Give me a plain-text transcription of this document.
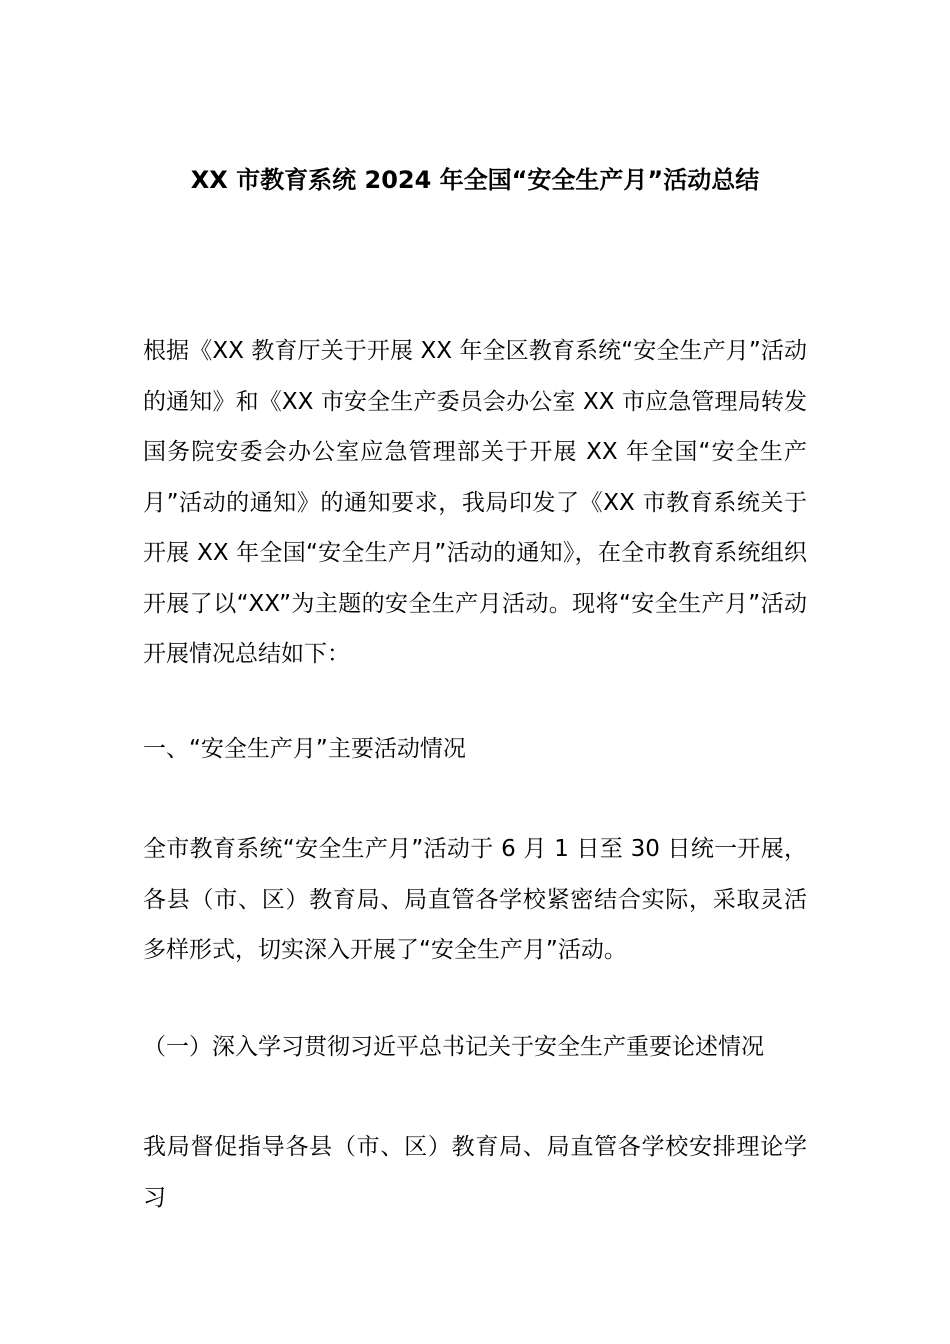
XX 市教育系统 2024 年全国“安全生产月”活动总结

根据《XX 教育厅关于开展 XX 年全区教育系统“安全生产月”活动的通知》和《XX 市安全生产委员会办公室 XX 市应急管理局转发国务院安委会办公室应急管理部关于开展 XX 年全国“安全生产月”活动的通知》的通知要求，我局印发了《XX 市教育系统关于开展 XX 年全国“安全生产月”活动的通知》，在全市教育系统组织开展了以“XX”为主题的安全生产月活动。现将“安全生产月”活动开展情况总结如下：

一、“安全生产月”主要活动情况

全市教育系统“安全生产月”活动于 6 月 1 日至 30 日统一开展，各县（市、区）教育局、局直管各学校紧密结合实际，采取灵活多样形式，切实深入开展了“安全生产月”活动。

（一）深入学习贯彻习近平总书记关于安全生产重要论述情况

我局督促指导各县（市、区）教育局、局直管各学校安排理论学习
